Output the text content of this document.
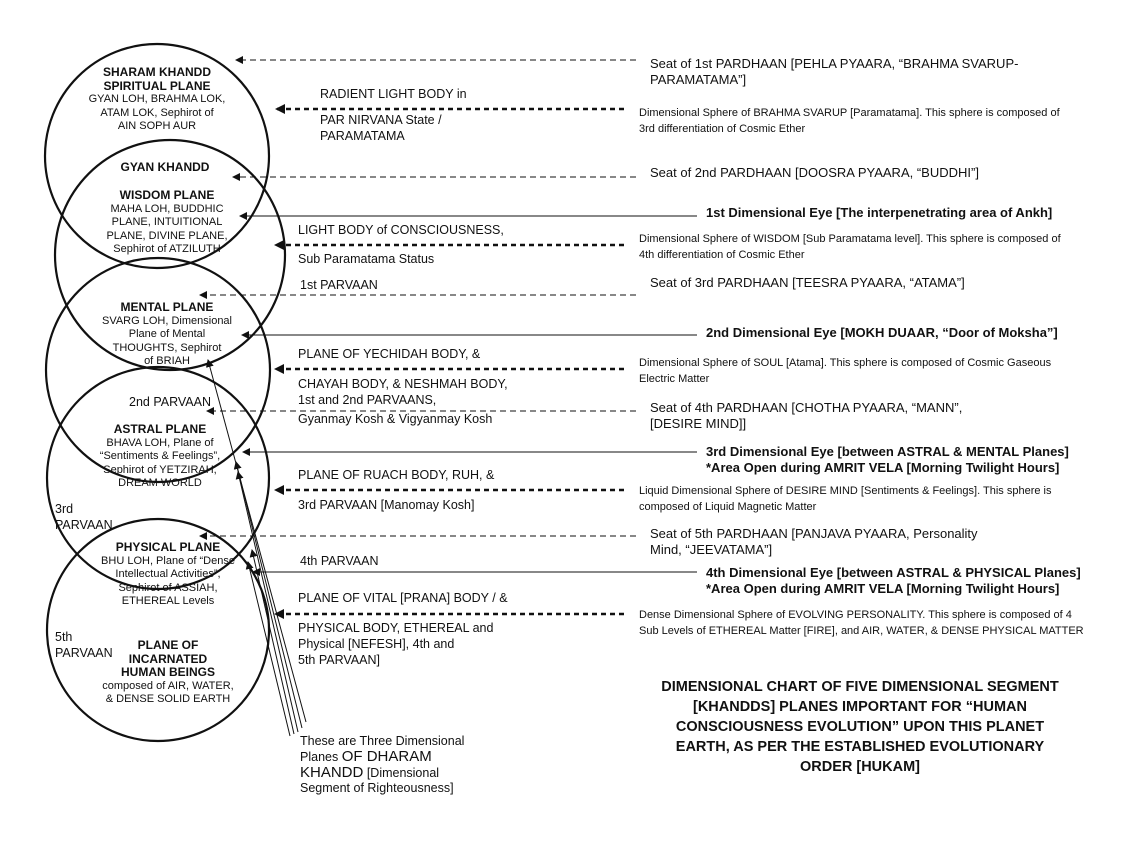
SHARAM KHANDD
SPIRITUAL PLANE
GYAN LOH, BRAHMA LOK,
ATAM LOK, Sephirot of
AIN SOPH AUR
GYAN KHANDD
WISDOM PLANE
MAHA LOH, BUDDHIC
PLANE, INTUITIONAL
PLANE, DIVINE PLANE,
Sephirot of ATZILUTH
MENTAL PLANE
SVARG LOH, Dimensional
Plane of Mental
THOUGHTS, Sephirot
of BRIAH
ASTRAL PLANE
BHAVA LOH, Plane of
“Sentiments & Feelings”,
Sephirot of YETZIRAH,
DREAM WORLD
PHYSICAL PLANE
BHU LOH, Plane of “Dense
Intellectual Activities”,
Sephirot of ASSIAH,
ETHEREAL Levels
PLANE OF
INCARNATED
HUMAN BEINGS
composed of AIR, WATER,
& DENSE SOLID EARTH
1st PARVAAN
2nd PARVAAN
3rd
PARVAAN
4th PARVAAN
5th
PARVAAN
RADIENT LIGHT BODY in
PAR NIRVANA State /
PARAMATAMA
LIGHT BODY of CONSCIOUSNESS,
Sub Paramatama Status
PLANE OF YECHIDAH BODY, &
CHAYAH BODY, & NESHMAH BODY,
1st and 2nd PARVAANS,
Gyanmay Kosh & Vigyanmay Kosh
PLANE OF RUACH BODY, RUH, &
3rd PARVAAN [Manomay Kosh]
PLANE OF VITAL [PRANA] BODY / &
PHYSICAL BODY, ETHEREAL and
Physical [NEFESH], 4th and
5th PARVAAN]
Seat of 1st PARDHAAN [PEHLA PYAARA, “BRAHMA SVARUP-
PARAMATAMA”]
Seat of 2nd PARDHAAN [DOOSRA PYAARA, “BUDDHI”]
Seat of 3rd PARDHAAN [TEESRA PYAARA, “ATAMA”]
Seat of 4th PARDHAAN [CHOTHA PYAARA, “MANN”,
[DESIRE MIND]]
Seat of 5th PARDHAAN [PANJAVA PYAARA, Personality
Mind, “JEEVATAMA”]
Dimensional Sphere of BRAHMA SVARUP [Paramatama]. This sphere is composed of
3rd differentiation of Cosmic Ether
Dimensional Sphere of WISDOM [Sub Paramatama level]. This sphere is composed of
4th differentiation of Cosmic Ether
Dimensional Sphere of SOUL [Atama]. This sphere is composed of Cosmic Gaseous
Electric Matter
Liquid Dimensional Sphere of DESIRE MIND [Sentiments & Feelings]. This sphere is
composed of Liquid Magnetic Matter
Dense Dimensional Sphere of EVOLVING PERSONALITY. This sphere is composed of 4
Sub Levels of ETHEREAL Matter [FIRE], and AIR, WATER, & DENSE PHYSICAL MATTER
1st Dimensional Eye [The interpenetrating area of Ankh]
2nd Dimensional Eye [MOKH DUAAR, “Door of Moksha”]
3rd Dimensional Eye [between ASTRAL & MENTAL Planes]
*Area Open during AMRIT VELA [Morning Twilight Hours]
4th Dimensional Eye [between ASTRAL & PHYSICAL Planes]
*Area Open during AMRIT VELA [Morning Twilight Hours]
These are Three Dimensional
Planes OF DHARAM
KHANDD [Dimensional
Segment of Righteousness]
DIMENSIONAL CHART OF FIVE DIMENSIONAL SEGMENT
[KHANDDS] PLANES IMPORTANT FOR “HUMAN
CONSCIOUSNESS EVOLUTION” UPON THIS PLANET
EARTH, AS PER THE ESTABLISHED EVOLUTIONARY
ORDER [HUKAM]
